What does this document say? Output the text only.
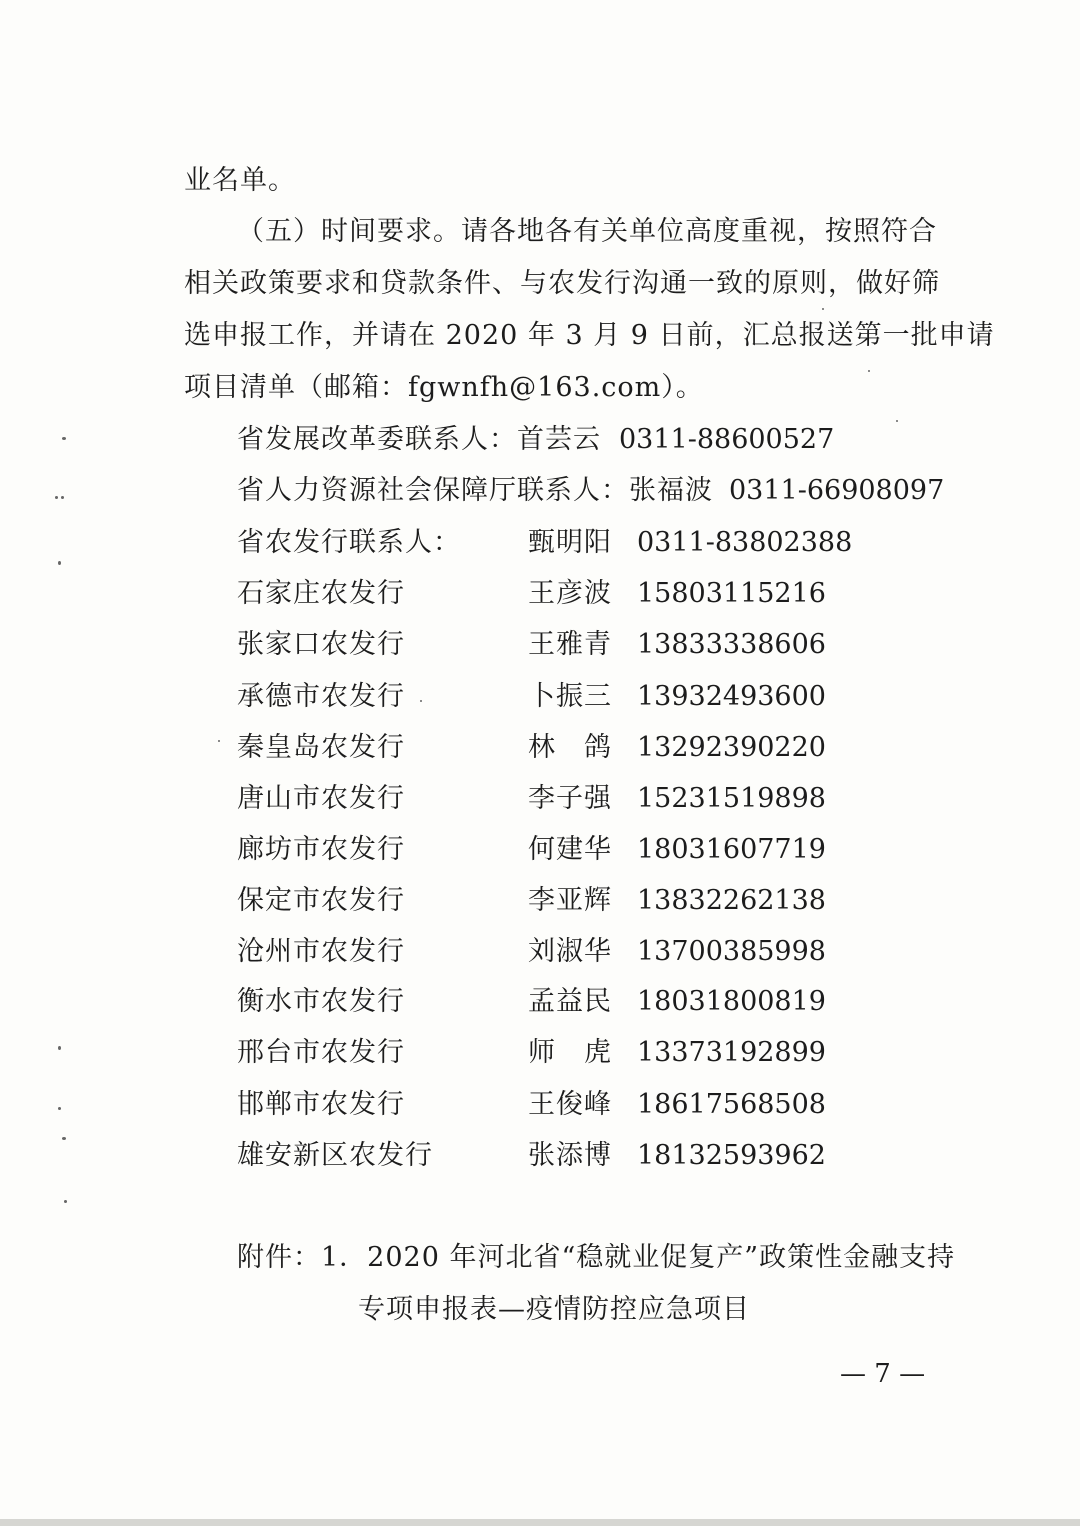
业名单。
（五）时间要求。请各地各有关单位高度重视，按照符合
相关政策要求和贷款条件、与农发行沟通一致的原则，做好筛
选申报工作，并请在 2020 年 3 月 9 日前，汇总报送第一批申请
项目清单（邮箱：fgwnfh@163.com）。
省发展改革委联系人：首芸云 0311-88600527
省人力资源社会保障厅联系人：张福波 0311-66908097
省农发行联系人： 甄明阳 0311-83802388
石家庄农发行	王彦波 15803115216
张家口农发行	王雅青 13833338606
承德市农发行	卜振三 13932493600
秦皇岛农发行	林　鸽 13292390220
唐山市农发行	李子强 15231519898
廊坊市农发行	何建华 18031607719
保定市农发行	李亚辉 13832262138
沧州市农发行	刘淑华 13700385998
衡水市农发行	孟益民 18031800819
邢台市农发行	师　虎 13373192899
邯郸市农发行	王俊峰 18617568508
雄安新区农发行	张添博 18132593962
附件：1．2020 年河北省“稳就业促复产”政策性金融支持
专项申报表—疫情防控应急项目
— 7 —
